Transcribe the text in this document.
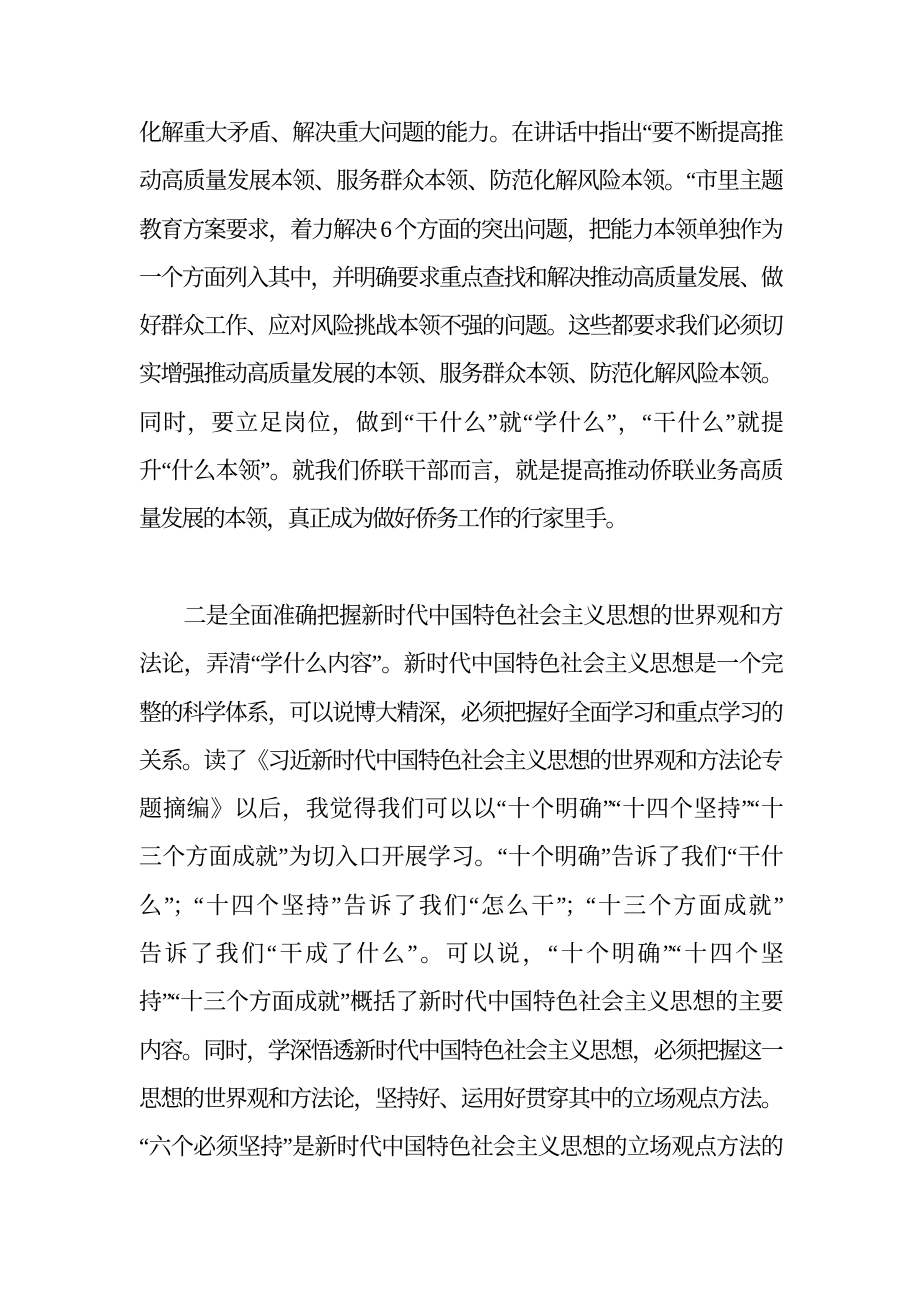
化解重大矛盾、解决重大问题的能力。在讲话中指出“要不断提高推
动高质量发展本领、服务群众本领、防范化解风险本领。“市里主题
教育方案要求，着力解决 6 个方面的突出问题，把能力本领单独作为
一个方面列入其中，并明确要求重点查找和解决推动高质量发展、做
好群众工作、应对风险挑战本领不强的问题。这些都要求我们必须切
实增强推动高质量发展的本领、服务群众本领、防范化解风险本领。
同时，要立足岗位，做到“干什么”就“学什么”，“干什么”就提
升“什么本领”。就我们侨联干部而言，就是提高推动侨联业务高质
量发展的本领，真正成为做好侨务工作的行家里手。
　　二是全面准确把握新时代中国特色社会主义思想的世界观和方
法论，弄清“学什么内容”。新时代中国特色社会主义思想是一个完
整的科学体系，可以说博大精深，必须把握好全面学习和重点学习的
关系。读了《习近新时代中国特色社会主义思想的世界观和方法论专
题摘编》以后，我觉得我们可以以“十个明确”“十四个坚持”“十
三个方面成就”为切入口开展学习。“十个明确”告诉了我们“干什
么”；“十四个坚持”告诉了我们“怎么干”；“十三个方面成就”
告诉了我们“干成了什么”。可以说，“十个明确”“十四个坚
持”“十三个方面成就”概括了新时代中国特色社会主义思想的主要
内容。同时，学深悟透新时代中国特色社会主义思想，必须把握这一
思想的世界观和方法论，坚持好、运用好贯穿其中的立场观点方法。
“六个必须坚持”是新时代中国特色社会主义思想的立场观点方法的
